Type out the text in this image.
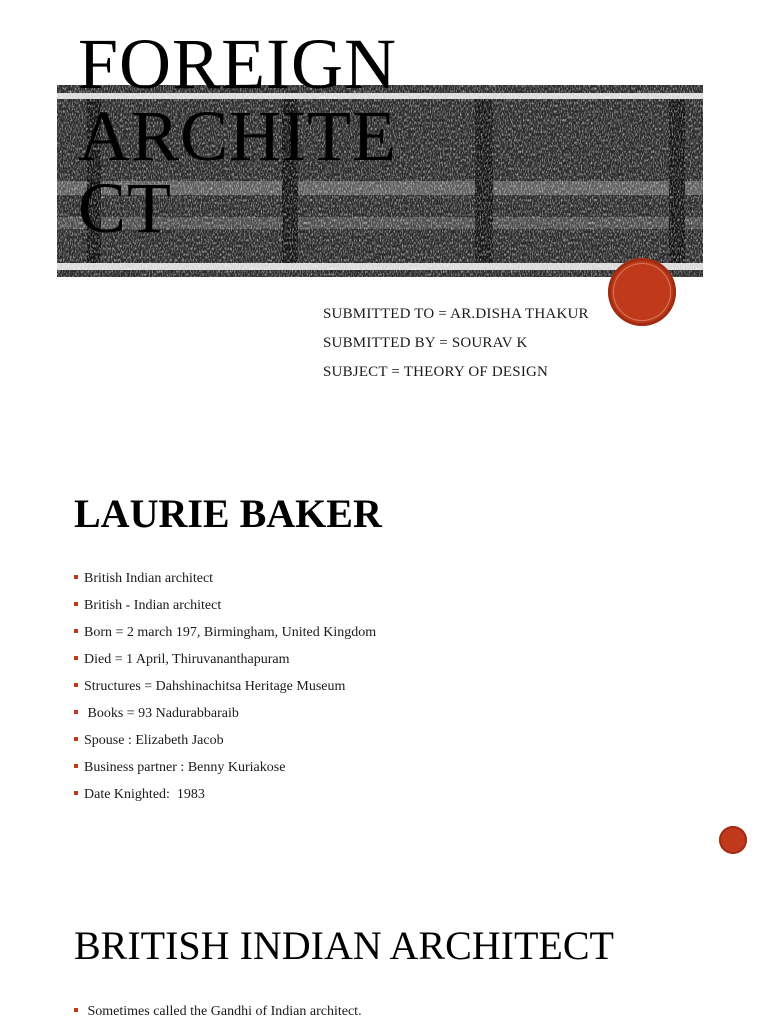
FOREIGN ARCHITECT
SUBMITTED TO = AR.DISHA THAKUR
SUBMITTED BY = SOURAV K
SUBJECT = THEORY OF DESIGN
LAURIE BAKER
British Indian architect
British - Indian architect
Born = 2 march 197, Birmingham, United Kingdom
Died = 1 April, Thiruvananthapuram
Structures = Dahshinachitsa Heritage Museum
Books = 93 Nadurabbaraib
Spouse : Elizabeth Jacob
Business partner : Benny Kuriakose
Date Knighted:  1983
BRITISH INDIAN ARCHITECT
Sometimes called the Gandhi of Indian architect.
